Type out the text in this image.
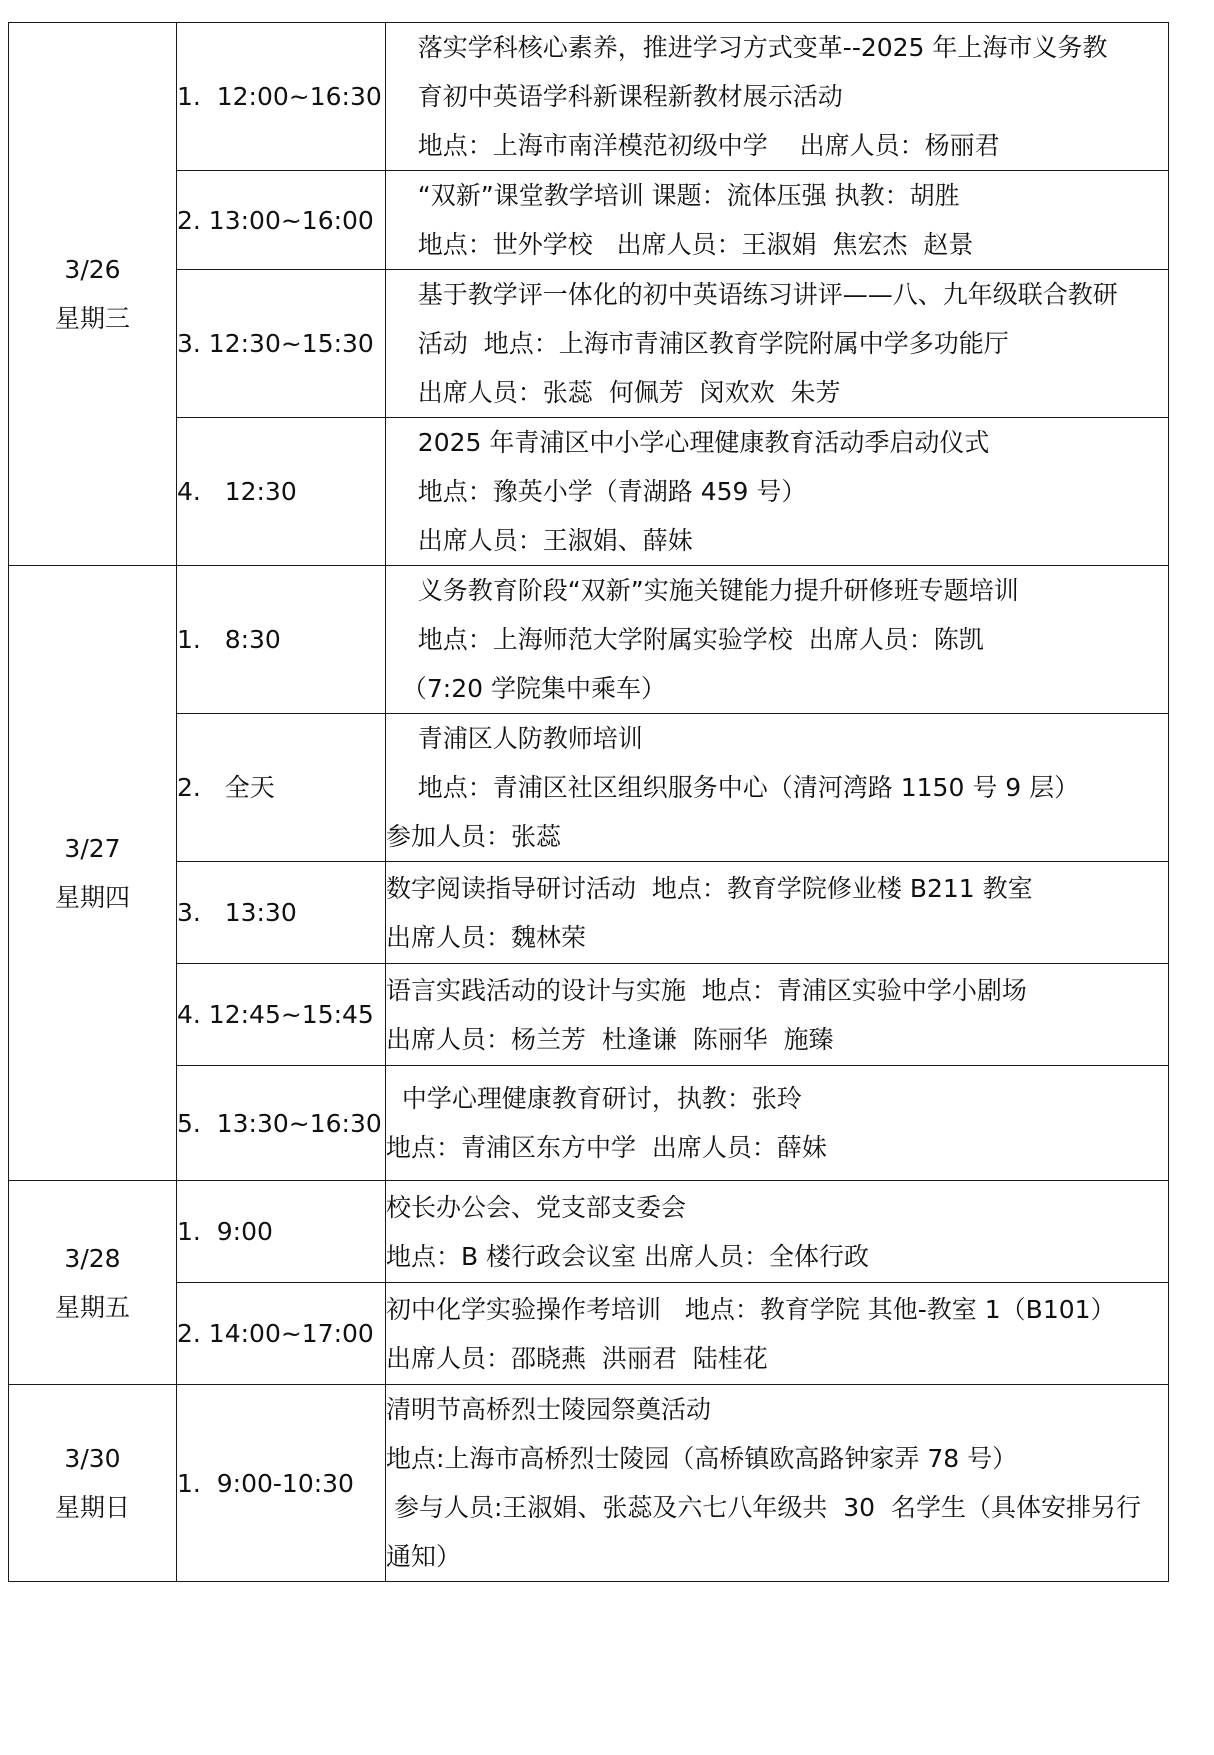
3/26
星期三	1.  12:00~16:30	落实学科核心素养，推进学习方式变革--2025 年上海市义务教
育初中英语学科新课程新教材展示活动
地点：上海市南洋模范初级中学    出席人员：杨丽君

	2. 13:00~16:00	“双新”课堂教学培训 课题：流体压强 执教：胡胜
地点：世外学校   出席人员：王淑娟  焦宏杰  赵景

	3. 12:30~15:30	基于教学评一体化的初中英语练习讲评——八、九年级联合教研
活动  地点：上海市青浦区教育学院附属中学多功能厅
出席人员：张蕊  何佩芳  闵欢欢  朱芳

	4.   12:30	2025 年青浦区中小学心理健康教育活动季启动仪式
地点：豫英小学（青湖路 459 号）
出席人员：王淑娟、薛妹

3/27
星期四	1.   8:30	义务教育阶段“双新”实施关键能力提升研修班专题培训
地点：上海师范大学附属实验学校  出席人员：陈凯
（7:20 学院集中乘车）

	2.   全天	青浦区人防教师培训
地点：青浦区社区组织服务中心（清河湾路 1150 号 9 层）
参加人员：张蕊

	3.   13:30	数字阅读指导研讨活动  地点：教育学院修业楼 B211 教室
出席人员：魏林荣

	4. 12:45~15:45	语言实践活动的设计与实施  地点：青浦区实验中学小剧场
出席人员：杨兰芳  杜逢谦  陈丽华  施臻

	5.  13:30~16:30	中学心理健康教育研讨，执教：张玲
地点：青浦区东方中学  出席人员：薛妹

3/28
星期五	1.  9:00	校长办公会、党支部支委会
地点：B 楼行政会议室 出席人员：全体行政

	2. 14:00~17:00	初中化学实验操作考培训   地点：教育学院 其他-教室 1（B101）
出席人员：邵晓燕  洪丽君  陆桂花

3/30
星期日	1.  9:00-10:30	清明节高桥烈士陵园祭奠活动
地点:上海市高桥烈士陵园（高桥镇欧高路钟家弄 78 号）
参与人员:王淑娟、张蕊及六七八年级共  30  名学生（具体安排另行
通知）
